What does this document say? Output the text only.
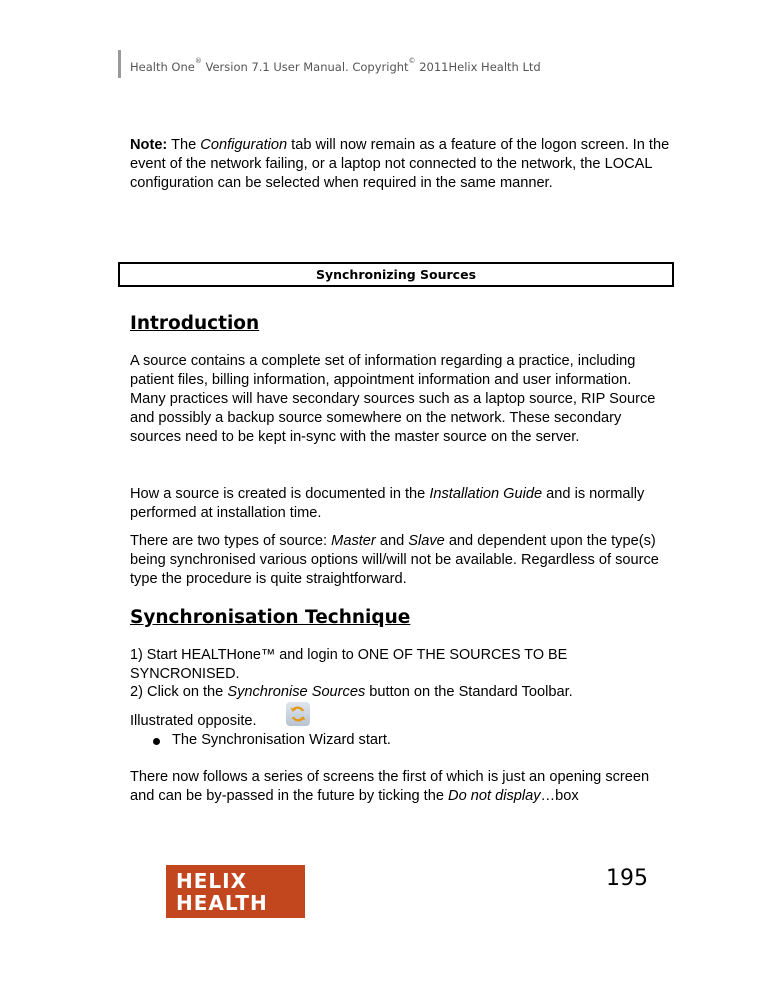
Health One® Version 7.1 User Manual. Copyright© 2011Helix Health Ltd
Note: The Configuration tab will now remain as a feature of the logon screen. In the event of the network failing, or a laptop not connected to the network, the LOCAL configuration can be selected when required in the same manner.
Synchronizing Sources
Introduction
A source contains a complete set of information regarding a practice, including patient files, billing information, appointment information and user information. Many practices will have secondary sources such as a laptop source, RIP Source and possibly a backup source somewhere on the network. These secondary sources need to be kept in-sync with the master source on the server.
How a source is created is documented in the Installation Guide and is normally performed at installation time.
There are two types of source: Master and Slave and dependent upon the type(s) being synchronised various options will/will not be available. Regardless of source type the procedure is quite straightforward.
Synchronisation Technique
1) Start HEALTHone™ and login to ONE OF THE SOURCES TO BE SYNCRONISED.
2) Click on the Synchronise Sources button on the Standard Toolbar.
Illustrated opposite.
The Synchronisation Wizard start.
There now follows a series of screens the first of which is just an opening screen and can be by-passed in the future by ticking the Do not display…box
HELIX
HEALTH
195
